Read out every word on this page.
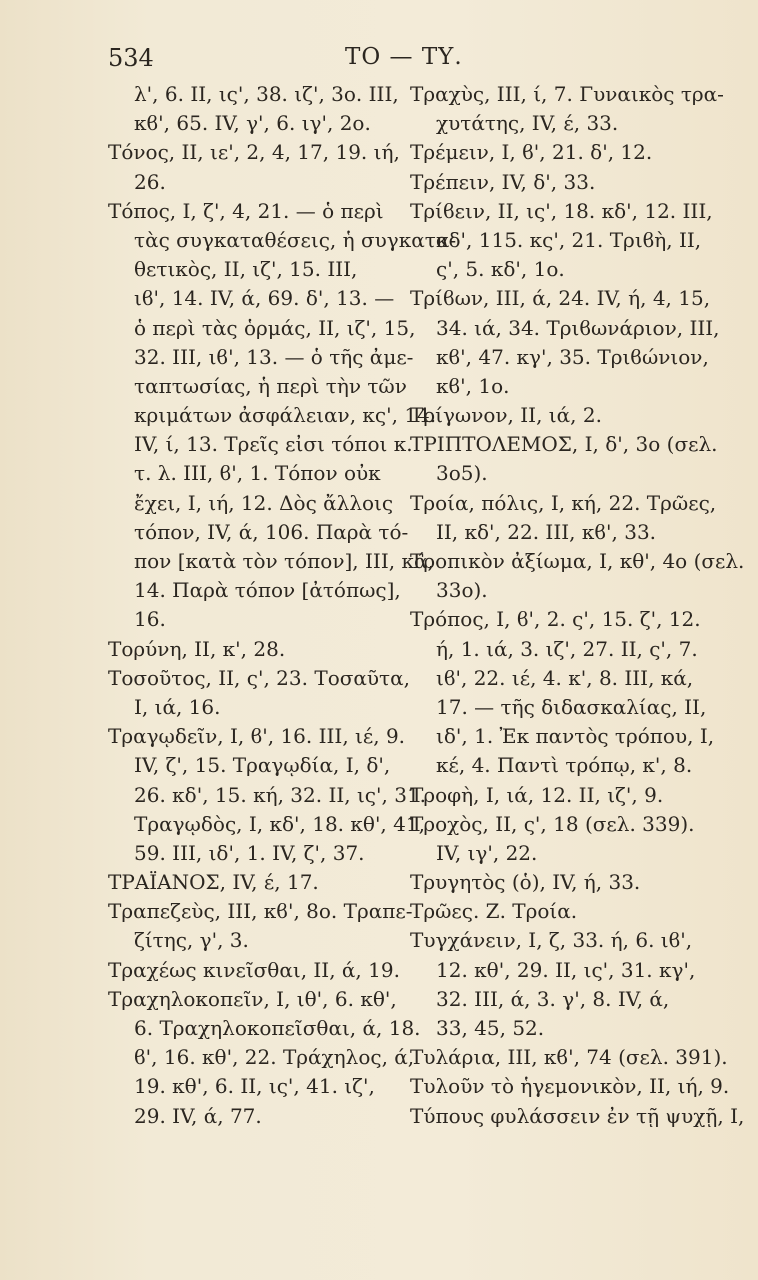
534	ΤΟ — ΤΥ.
λ', 6. II, ις', 38. ιζ', 3ο. III,
κϐ', 65. IV, γ', 6. ιγ', 2ο.
Τόνος, II, ιε', 2, 4, 17, 19. ιή,
26.
Τόπος, I, ζ', 4, 21. — ὁ περὶ
τὰς συγκαταθέσεις, ἡ συγκατα-
θετικὸς, II, ιζ', 15. III,
ιϐ', 14. IV, ά, 69. δ', 13. —
ὁ περὶ τὰς ὁρμάς, II, ιζ', 15,
32. III, ιϐ', 13. — ὁ τῆς ἀμε-
ταπτωσίας, ἡ περὶ τὴν τῶν
κριμάτων ἀσφάλειαν, κς', 14.
IV, ί, 13. Τρεῖς εἰσι τόποι κ.
τ. λ. III, ϐ', 1. Τόπον οὐκ
ἔχει, I, ιή, 12. Δὸς ἄλλοις
τόπον, IV, ά, 106. Παρὰ τό-
πον [κατὰ τὸν τόπον], III, κά,
14. Παρὰ τόπον [ἀτόπως],
16.
Τορύνη, II, κ', 28.
Τοσοῦτος, II, ς', 23. Τοσαῦτα,
I, ιά, 16.
Τραγῳδεῖν, I, ϐ', 16. III, ιέ, 9.
IV, ζ', 15. Τραγῳδία, I, δ',
26. κδ', 15. κή, 32. II, ις', 31.
Τραγῳδὸς, I, κδ', 18. κθ', 41,
59. III, ιδ', 1. IV, ζ', 37.
ΤΡΑΪΑΝΟΣ, IV, έ, 17.
Τραπεζεὺς, III, κϐ', 8ο. Τραπε-
ζίτης, γ', 3.
Τραχέως κινεῖσθαι, II, ά, 19.
Τραχηλοκοπεῖν, I, ιθ', 6. κθ',
6. Τραχηλοκοπεῖσθαι, ά, 18.
ϐ', 16. κθ', 22. Τράχηλος, ά,
19. κθ', 6. II, ις', 41. ιζ',
29. IV, ά, 77.
Τραχὺς, III, ί, 7. Γυναικὸς τρα-
χυτάτης, IV, έ, 33.
Τρέμειν, I, ϐ', 21. δ', 12.
Τρέπειν, IV, δ', 33.
Τρίϐειν, II, ις', 18. κδ', 12. III,
κδ', 115. κς', 21. Τριϐὴ, II,
ς', 5. κδ', 1ο.
Τρίϐων, III, ά, 24. IV, ή, 4, 15,
34. ιά, 34. Τριϐωνάριον, III,
κϐ', 47. κγ', 35. Τριϐώνιον,
κϐ', 1ο.
Τρίγωνον, II, ιά, 2.
ΤΡΙΠΤΟΛΕΜΟΣ, I, δ', 3ο (σελ.
3ο5).
Τροία, πόλις, I, κή, 22. Τρῶες,
II, κδ', 22. III, κϐ', 33.
Τροπικὸν ἀξίωμα, I, κθ', 4ο (σελ.
33ο).
Τρόπος, I, ϐ', 2. ς', 15. ζ', 12.
ή, 1. ιά, 3. ιζ', 27. II, ς', 7.
ιϐ', 22. ιέ, 4. κ', 8. III, κά,
17. — τῆς διδασκαλίας, II,
ιδ', 1. Ἐκ παντὸς τρόπου, I,
κέ, 4. Παντὶ τρόπῳ, κ', 8.
Τροφὴ, I, ιά, 12. II, ιζ', 9.
Τροχὸς, II, ς', 18 (σελ. 339).
IV, ιγ', 22.
Τρυγητὸς (ὁ), IV, ή, 33.
Τρῶες. Ζ. Τροία.
Τυγχάνειν, I, ζ, 33. ή, 6. ιϐ',
12. κθ', 29. II, ις', 31. κγ',
32. III, ά, 3. γ', 8. IV, ά,
33, 45, 52.
Τυλάρια, III, κϐ', 74 (σελ. 391).
Τυλοῦν τὸ ἡγεμονικὸν, II, ιή, 9.
Τύπους φυλάσσειν ἐν τῇ ψυχῇ, I,
